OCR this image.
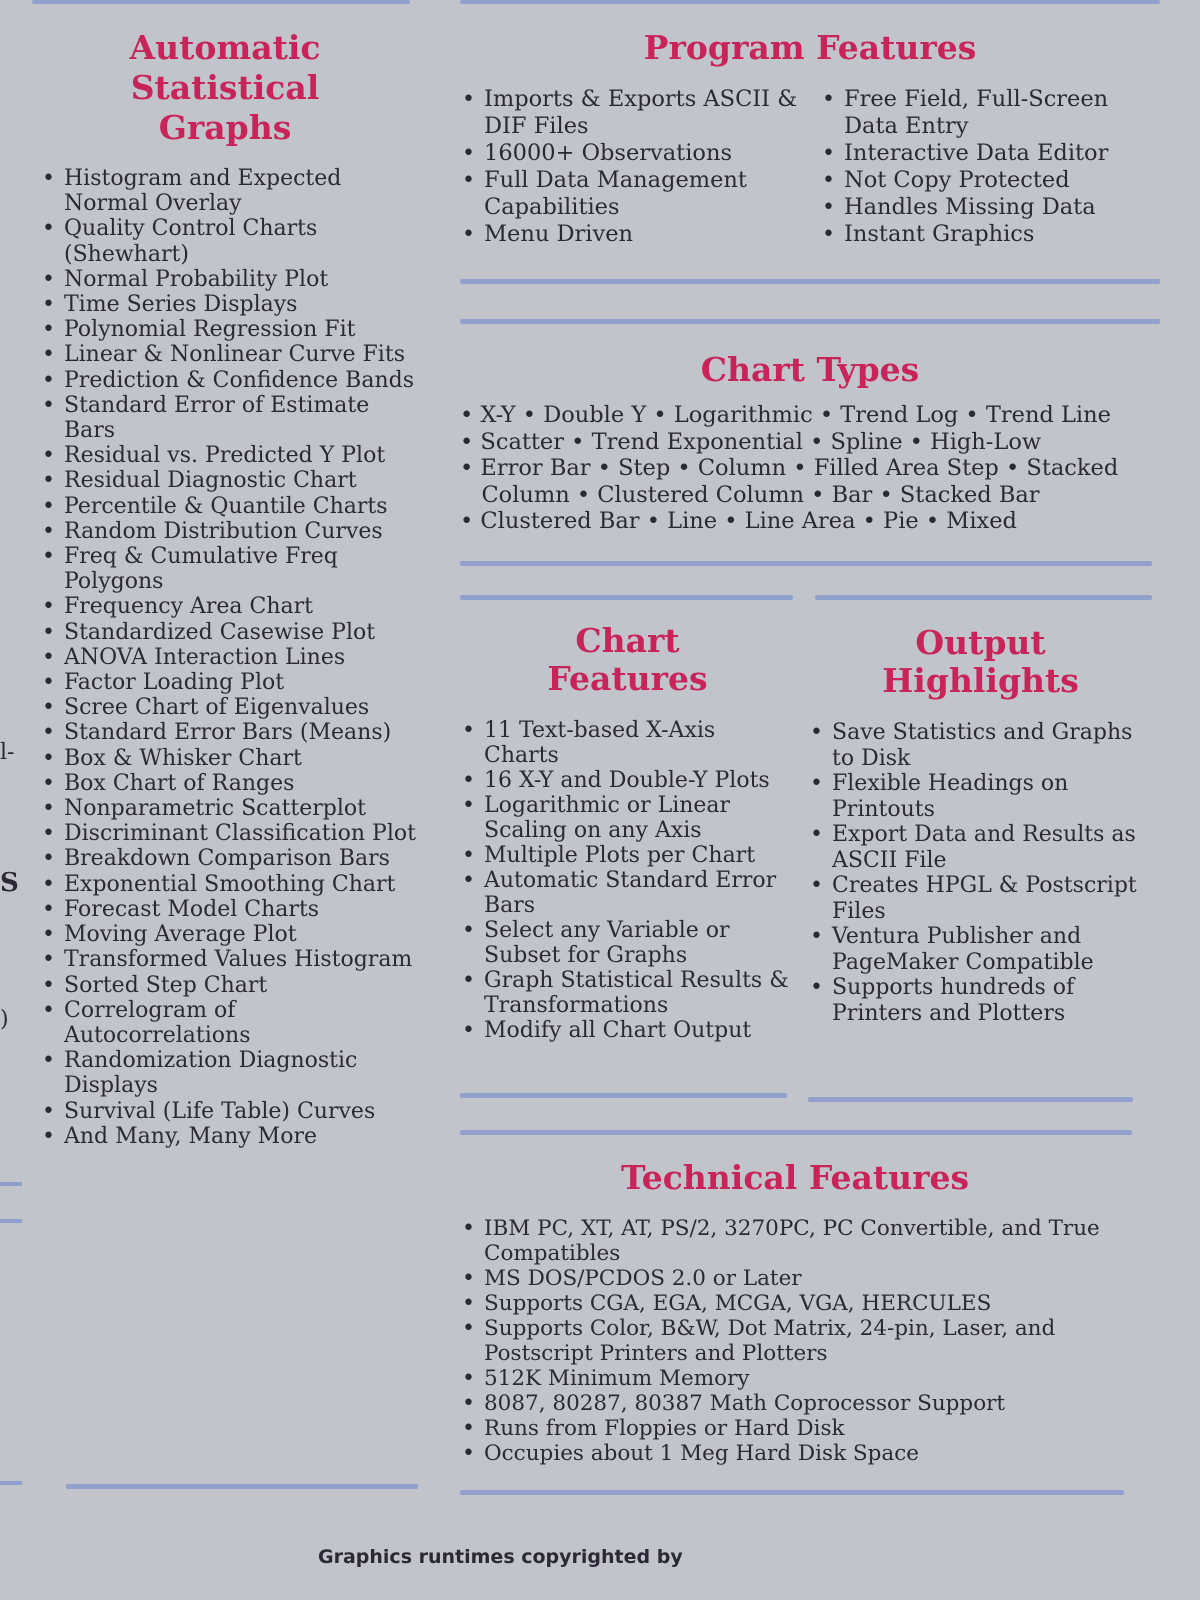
l-
S
)
Automatic
Statistical
Graphs
• Histogram and Expected Normal Overlay
• Quality Control Charts (Shewhart)
• Normal Probability Plot
• Time Series Displays
• Polynomial Regression Fit
• Linear & Nonlinear Curve Fits
• Prediction & Confidence Bands
• Standard Error of Estimate Bars
• Residual vs. Predicted Y Plot
• Residual Diagnostic Chart
• Percentile & Quantile Charts
• Random Distribution Curves
• Freq & Cumulative Freq Polygons
• Frequency Area Chart
• Standardized Casewise Plot
• ANOVA Interaction Lines
• Factor Loading Plot
• Scree Chart of Eigenvalues
• Standard Error Bars (Means)
• Box & Whisker Chart
• Box Chart of Ranges
• Nonparametric Scatterplot
• Discriminant Classification Plot
• Breakdown Comparison Bars
• Exponential Smoothing Chart
• Forecast Model Charts
• Moving Average Plot
• Transformed Values Histogram
• Sorted Step Chart
• Correlogram of Autocorrelations
• Randomization Diagnostic Displays
• Survival (Life Table) Curves
• And Many, Many More
Program Features
• Imports & Exports ASCII & DIF Files
• 16000+ Observations
• Full Data Management Capabilities
• Menu Driven
• Free Field, Full-Screen Data Entry
• Interactive Data Editor
• Not Copy Protected
• Handles Missing Data
• Instant Graphics
Chart Types
• X-Y • Double Y • Logarithmic • Trend Log • Trend Line
• Scatter • Trend Exponential • Spline • High-Low
• Error Bar • Step • Column • Filled Area Step • Stacked
Column • Clustered Column • Bar • Stacked Bar
• Clustered Bar • Line • Line Area • Pie • Mixed
Chart
Features
• 11 Text-based X-Axis Charts
• 16 X-Y and Double-Y Plots
• Logarithmic or Linear Scaling on any Axis
• Multiple Plots per Chart
• Automatic Standard Error Bars
• Select any Variable or Subset for Graphs
• Graph Statistical Results & Transformations
• Modify all Chart Output
Output
Highlights
• Save Statistics and Graphs to Disk
• Flexible Headings on Printouts
• Export Data and Results as ASCII File
• Creates HPGL & Postscript Files
• Ventura Publisher and PageMaker Compatible
• Supports hundreds of Printers and Plotters
Technical Features
• IBM PC, XT, AT, PS/2, 3270PC, PC Convertible, and True Compatibles
• MS DOS/PCDOS 2.0 or Later
• Supports CGA, EGA, MCGA, VGA, HERCULES
• Supports Color, B&W, Dot Matrix, 24-pin, Laser, and Postscript Printers and Plotters
• 512K Minimum Memory
• 8087, 80287, 80387 Math Coprocessor Support
• Runs from Floppies or Hard Disk
• Occupies about 1 Meg Hard Disk Space
Graphics runtimes copyrighted by
